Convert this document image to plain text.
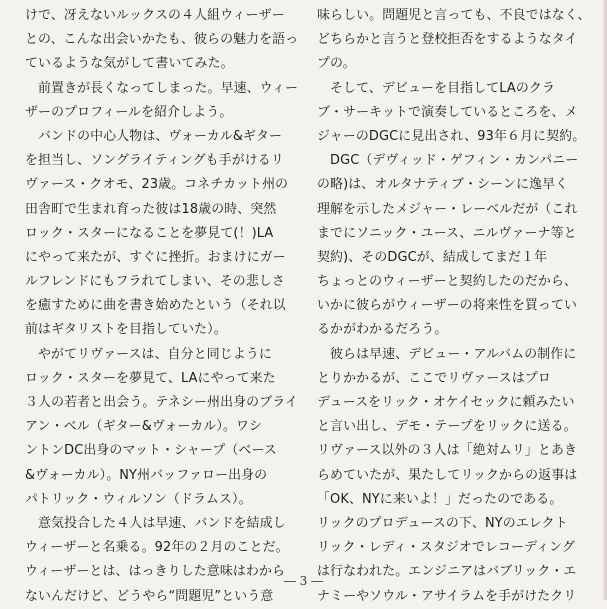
けで、冴えないルックスの４人組ウィーザー
との、こんな出会いかたも、彼らの魅力を語っ
ているような気がして書いてみた。
前置きが長くなってしまった。早速、ウィー
ザーのプロフィールを紹介しよう。
バンドの中心人物は、ヴォーカル&ギター
を担当し、ソングライティングも手がけるリ
ヴァース・クオモ、23歳。コネチカット州の
田舎町で生まれ育った彼は18歳の時、突然
ロック・スターになることを夢見て(！)LA
にやって来たが、すぐに挫折。おまけにガー
ルフレンドにもフラれてしまい、その悲しさ
を癒すために曲を書き始めたという（それ以
前はギタリストを目指していた）。
やがてリヴァースは、自分と同じように
ロック・スターを夢見て、LAにやって来た
３人の若者と出会う。テネシー州出身のブライ
アン・ベル（ギター&ヴォーカル）。ワシ
ントンDC出身のマット・シャープ（ベース
&ヴォーカル）。NY州バッファロー出身の
パトリック・ウィルソン（ドラムス）。
意気投合した４人は早速、バンドを結成し
ウィーザーと名乗る。92年の２月のことだ。
ウィーザーとは、はっきりした意味はわから
ないんだけど、どうやら“問題児”という意
味らしい。問題児と言っても、不良ではなく、
どちらかと言うと登校拒否をするようなタイ
プの。
そして、デビューを目指してLAのクラ
ブ・サーキットで演奏しているところを、メ
ジャーのDGCに見出され、93年６月に契約。
DGC（デヴィッド・ゲフィン・カンパニー
の略)は、オルタナティブ・シーンに逸早く
理解を示したメジャー・レーベルだが（これ
までにソニック・ユース、ニルヴァーナ等と
契約)、そのDGCが、結成してまだ１年
ちょっとのウィーザーと契約したのだから、
いかに彼らがウィーザーの将来性を買ってい
るかがわかるだろう。
彼らは早速、デビュー・アルバムの制作に
とりかかるが、ここでリヴァースはプロ
デュースをリック・オケイセックに頼みたい
と言い出し、デモ・テープをリックに送る。
リヴァース以外の３人は「絶対ムリ」とあき
らめていたが、果たしてリックからの返事は
「OK、NYに来いよ！」だったのである。
リックのプロデュースの下、NYのエレクト
リック・レディ・スタジオでレコーディング
は行なわれた。エンジニアはバブリック・エ
ナミーやソウル・アサイラムを手がけたクリ
― 3 ―
